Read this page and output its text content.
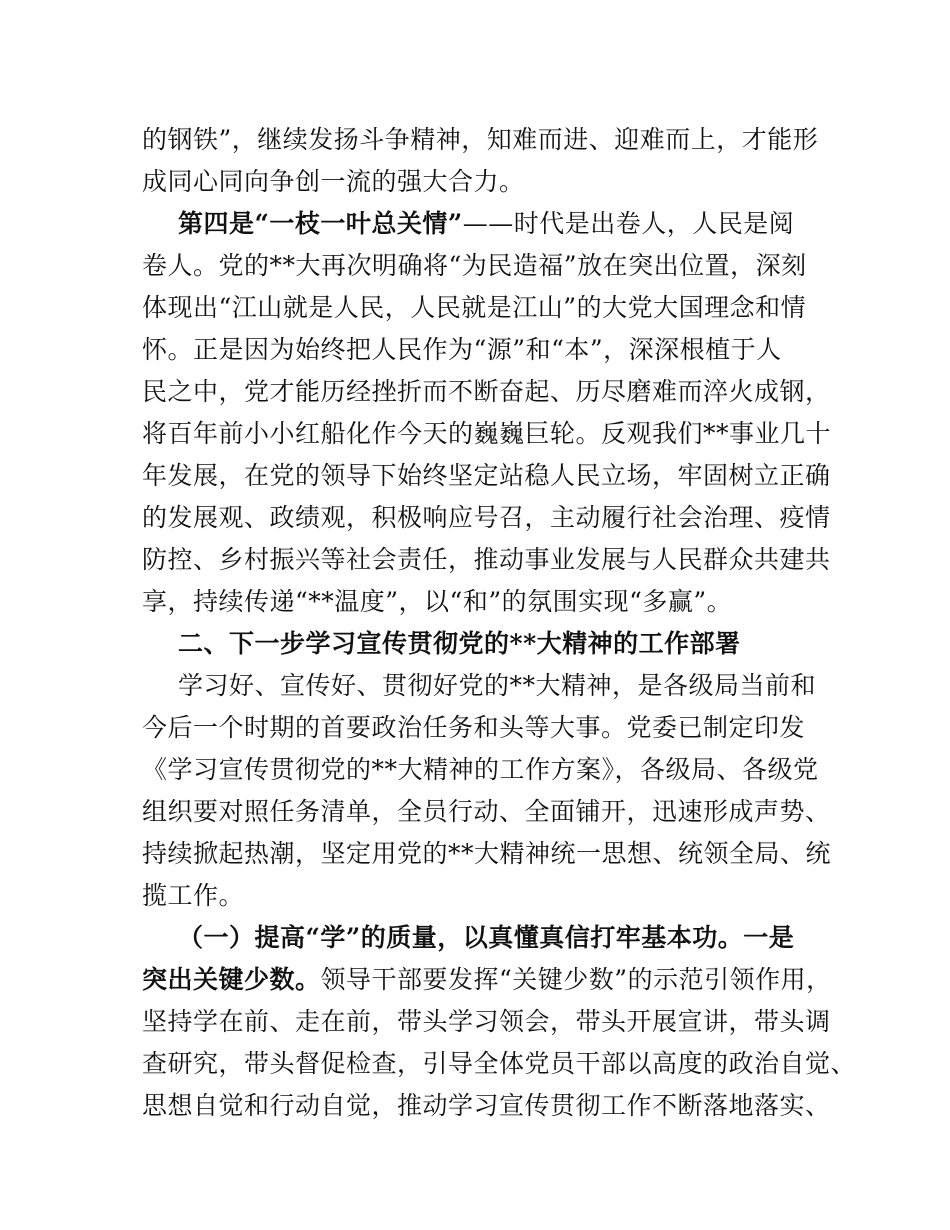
的钢铁”，继续发扬斗争精神，知难而进、迎难而上，才能形
成同心同向争创一流的强大合力。
第四是“一枝一叶总关情”——时代是出卷人，人民是阅
卷人。党的**大再次明确将“为民造福”放在突出位置，深刻
体现出“江山就是人民，人民就是江山”的大党大国理念和情
怀。正是因为始终把人民作为“源”和“本”，深深根植于人
民之中，党才能历经挫折而不断奋起、历尽磨难而淬火成钢，
将百年前小小红船化作今天的巍巍巨轮。反观我们**事业几十
年发展，在党的领导下始终坚定站稳人民立场，牢固树立正确
的发展观、政绩观，积极响应号召，主动履行社会治理、疫情
防控、乡村振兴等社会责任，推动事业发展与人民群众共建共
享，持续传递“**温度”，以“和”的氛围实现“多赢”。
二、下一步学习宣传贯彻党的**大精神的工作部署
学习好、宣传好、贯彻好党的**大精神，是各级局当前和
今后一个时期的首要政治任务和头等大事。党委已制定印发
《学习宣传贯彻党的**大精神的工作方案》，各级局、各级党
组织要对照任务清单，全员行动、全面铺开，迅速形成声势、
持续掀起热潮，坚定用党的**大精神统一思想、统领全局、统
揽工作。
（一）提高“学”的质量，以真懂真信打牢基本功。一是
突出关键少数。领导干部要发挥“关键少数”的示范引领作用，
坚持学在前、走在前，带头学习领会，带头开展宣讲，带头调
查研究，带头督促检查，引导全体党员干部以高度的政治自觉、
思想自觉和行动自觉，推动学习宣传贯彻工作不断落地落实、
